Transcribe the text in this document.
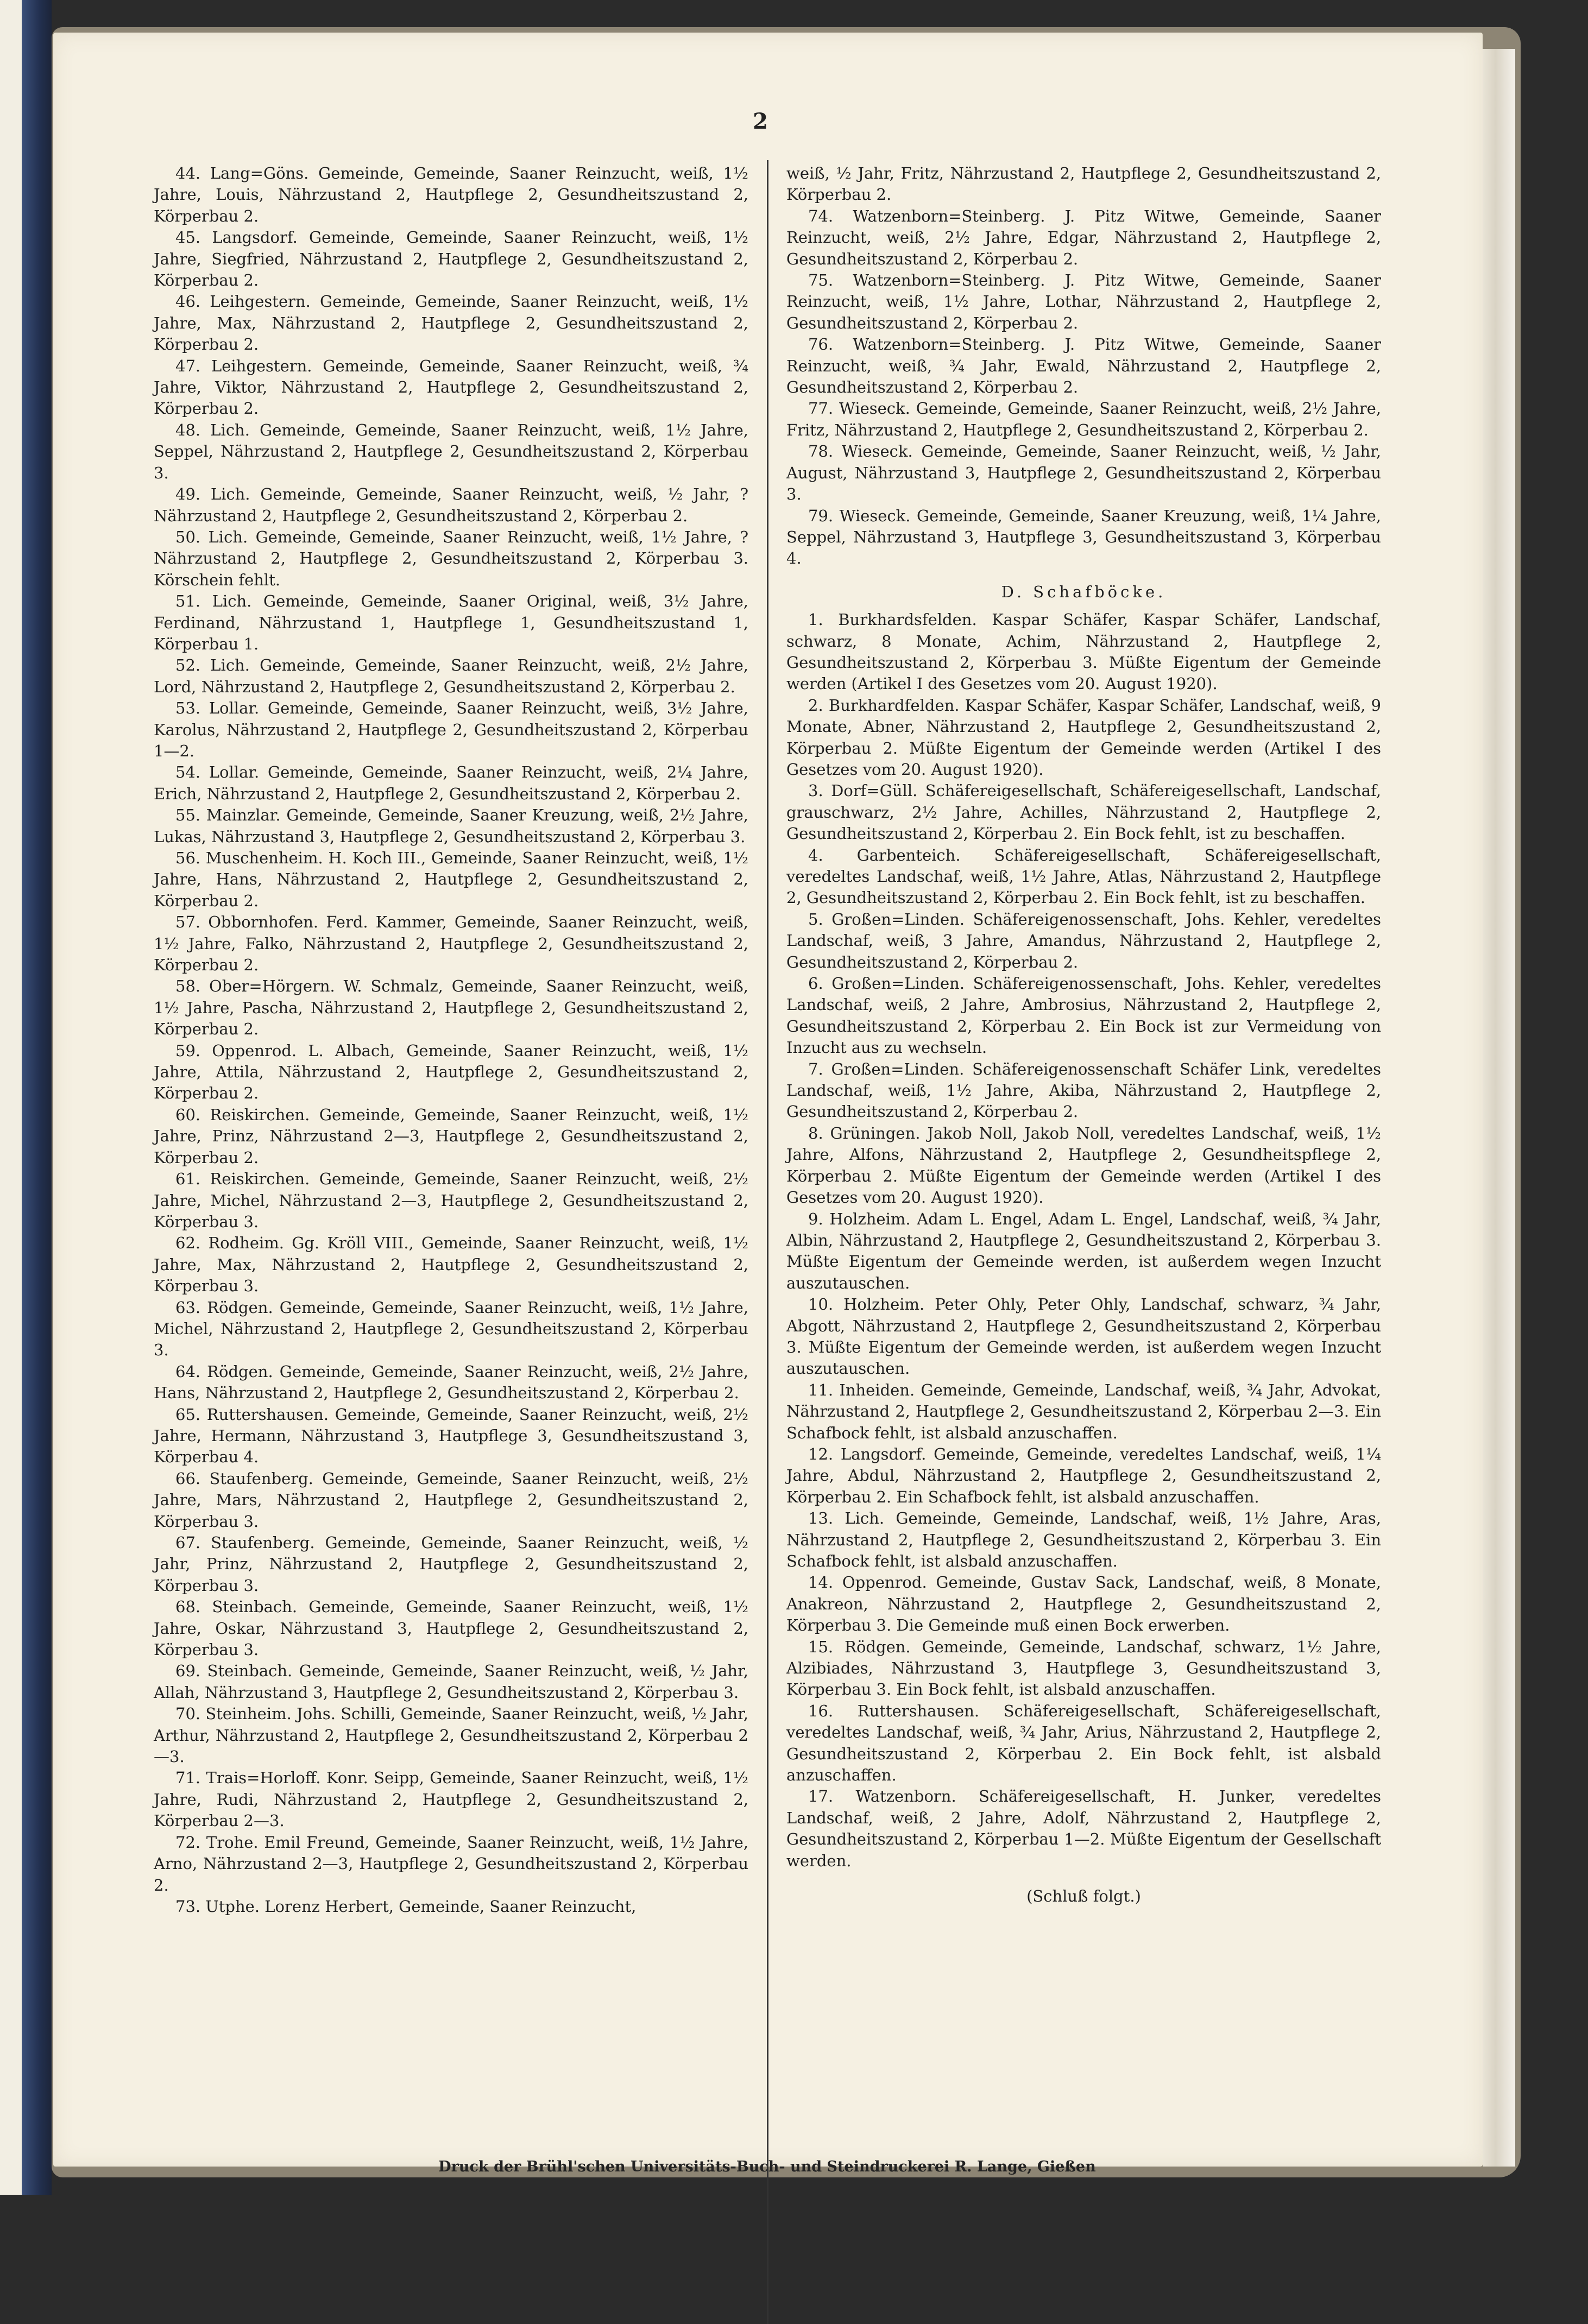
2

44. Lang=Göns. Gemeinde, Gemeinde, Saaner Reinzucht, weiß, 1½ Jahre, Louis, Nährzustand 2, Hautpflege 2, Gesundheitszustand 2, Körperbau 2.

45. Langsdorf. Gemeinde, Gemeinde, Saaner Reinzucht, weiß, 1½ Jahre, Siegfried, Nährzustand 2, Hautpflege 2, Gesundheitszustand 2, Körperbau 2.

46. Leihgestern. Gemeinde, Gemeinde, Saaner Reinzucht, weiß, 1½ Jahre, Max, Nährzustand 2, Hautpflege 2, Gesundheitszustand 2, Körperbau 2.

47. Leihgestern. Gemeinde, Gemeinde, Saaner Reinzucht, weiß, ¾ Jahre, Viktor, Nährzustand 2, Hautpflege 2, Gesundheitszustand 2, Körperbau 2.

48. Lich. Gemeinde, Gemeinde, Saaner Reinzucht, weiß, 1½ Jahre, Seppel, Nährzustand 2, Hautpflege 2, Gesundheitszustand 2, Körperbau 3.

49. Lich. Gemeinde, Gemeinde, Saaner Reinzucht, weiß, ½ Jahr, ? Nährzustand 2, Hautpflege 2, Gesundheitszustand 2, Körperbau 2.

50. Lich. Gemeinde, Gemeinde, Saaner Reinzucht, weiß, 1½ Jahre, ? Nährzustand 2, Hautpflege 2, Gesundheitszustand 2, Körperbau 3. Körschein fehlt.

51. Lich. Gemeinde, Gemeinde, Saaner Original, weiß, 3½ Jahre, Ferdinand, Nährzustand 1, Hautpflege 1, Gesundheitszustand 1, Körperbau 1.

52. Lich. Gemeinde, Gemeinde, Saaner Reinzucht, weiß, 2½ Jahre, Lord, Nährzustand 2, Hautpflege 2, Gesundheitszustand 2, Körperbau 2.

53. Lollar. Gemeinde, Gemeinde, Saaner Reinzucht, weiß, 3½ Jahre, Karolus, Nährzustand 2, Hautpflege 2, Gesundheitszustand 2, Körperbau 1—2.

54. Lollar. Gemeinde, Gemeinde, Saaner Reinzucht, weiß, 2¼ Jahre, Erich, Nährzustand 2, Hautpflege 2, Gesundheitszustand 2, Körperbau 2.

55. Mainzlar. Gemeinde, Gemeinde, Saaner Kreuzung, weiß, 2½ Jahre, Lukas, Nährzustand 3, Hautpflege 2, Gesundheitszustand 2, Körperbau 3.

56. Muschenheim. H. Koch III., Gemeinde, Saaner Reinzucht, weiß, 1½ Jahre, Hans, Nährzustand 2, Hautpflege 2, Gesundheitszustand 2, Körperbau 2.

57. Obbornhofen. Ferd. Kammer, Gemeinde, Saaner Reinzucht, weiß, 1½ Jahre, Falko, Nährzustand 2, Hautpflege 2, Gesundheitszustand 2, Körperbau 2.

58. Ober=Hörgern. W. Schmalz, Gemeinde, Saaner Reinzucht, weiß, 1½ Jahre, Pascha, Nährzustand 2, Hautpflege 2, Gesundheitszustand 2, Körperbau 2.

59. Oppenrod. L. Albach, Gemeinde, Saaner Reinzucht, weiß, 1½ Jahre, Attila, Nährzustand 2, Hautpflege 2, Gesundheitszustand 2, Körperbau 2.

60. Reiskirchen. Gemeinde, Gemeinde, Saaner Reinzucht, weiß, 1½ Jahre, Prinz, Nährzustand 2—3, Hautpflege 2, Gesundheitszustand 2, Körperbau 2.

61. Reiskirchen. Gemeinde, Gemeinde, Saaner Reinzucht, weiß, 2½ Jahre, Michel, Nährzustand 2—3, Hautpflege 2, Gesundheitszustand 2, Körperbau 3.

62. Rodheim. Gg. Kröll VIII., Gemeinde, Saaner Reinzucht, weiß, 1½ Jahre, Max, Nährzustand 2, Hautpflege 2, Gesundheitszustand 2, Körperbau 3.

63. Rödgen. Gemeinde, Gemeinde, Saaner Reinzucht, weiß, 1½ Jahre, Michel, Nährzustand 2, Hautpflege 2, Gesundheitszustand 2, Körperbau 3.

64. Rödgen. Gemeinde, Gemeinde, Saaner Reinzucht, weiß, 2½ Jahre, Hans, Nährzustand 2, Hautpflege 2, Gesundheitszustand 2, Körperbau 2.

65. Ruttershausen. Gemeinde, Gemeinde, Saaner Reinzucht, weiß, 2½ Jahre, Hermann, Nährzustand 3, Hautpflege 3, Gesundheitszustand 3, Körperbau 4.

66. Staufenberg. Gemeinde, Gemeinde, Saaner Reinzucht, weiß, 2½ Jahre, Mars, Nährzustand 2, Hautpflege 2, Gesundheitszustand 2, Körperbau 3.

67. Staufenberg. Gemeinde, Gemeinde, Saaner Reinzucht, weiß, ½ Jahr, Prinz, Nährzustand 2, Hautpflege 2, Gesundheitszustand 2, Körperbau 3.

68. Steinbach. Gemeinde, Gemeinde, Saaner Reinzucht, weiß, 1½ Jahre, Oskar, Nährzustand 3, Hautpflege 2, Gesundheitszustand 2, Körperbau 3.

69. Steinbach. Gemeinde, Gemeinde, Saaner Reinzucht, weiß, ½ Jahr, Allah, Nährzustand 3, Hautpflege 2, Gesundheitszustand 2, Körperbau 3.

70. Steinheim. Johs. Schilli, Gemeinde, Saaner Reinzucht, weiß, ½ Jahr, Arthur, Nährzustand 2, Hautpflege 2, Gesundheitszustand 2, Körperbau 2—3.

71. Trais=Horloff. Konr. Seipp, Gemeinde, Saaner Reinzucht, weiß, 1½ Jahre, Rudi, Nährzustand 2, Hautpflege 2, Gesundheitszustand 2, Körperbau 2—3.

72. Trohe. Emil Freund, Gemeinde, Saaner Reinzucht, weiß, 1½ Jahre, Arno, Nährzustand 2—3, Hautpflege 2, Gesundheitszustand 2, Körperbau 2.

73. Utphe. Lorenz Herbert, Gemeinde, Saaner Reinzucht,

weiß, ½ Jahr, Fritz, Nährzustand 2, Hautpflege 2, Gesundheitszustand 2, Körperbau 2.

74. Watzenborn=Steinberg. J. Pitz Witwe, Gemeinde, Saaner Reinzucht, weiß, 2½ Jahre, Edgar, Nährzustand 2, Hautpflege 2, Gesundheitszustand 2, Körperbau 2.

75. Watzenborn=Steinberg. J. Pitz Witwe, Gemeinde, Saaner Reinzucht, weiß, 1½ Jahre, Lothar, Nährzustand 2, Hautpflege 2, Gesundheitszustand 2, Körperbau 2.

76. Watzenborn=Steinberg. J. Pitz Witwe, Gemeinde, Saaner Reinzucht, weiß, ¾ Jahr, Ewald, Nährzustand 2, Hautpflege 2, Gesundheitszustand 2, Körperbau 2.

77. Wieseck. Gemeinde, Gemeinde, Saaner Reinzucht, weiß, 2½ Jahre, Fritz, Nährzustand 2, Hautpflege 2, Gesundheitszustand 2, Körperbau 2.

78. Wieseck. Gemeinde, Gemeinde, Saaner Reinzucht, weiß, ½ Jahr, August, Nährzustand 3, Hautpflege 2, Gesundheitszustand 2, Körperbau 3.

79. Wieseck. Gemeinde, Gemeinde, Saaner Kreuzung, weiß, 1¼ Jahre, Seppel, Nährzustand 3, Hautpflege 3, Gesundheitszustand 3, Körperbau 4.

D. Schafböcke.

1. Burkhardsfelden. Kaspar Schäfer, Kaspar Schäfer, Landschaf, schwarz, 8 Monate, Achim, Nährzustand 2, Hautpflege 2, Gesundheitszustand 2, Körperbau 3. Müßte Eigentum der Gemeinde werden (Artikel I des Gesetzes vom 20. August 1920).

2. Burkhardfelden. Kaspar Schäfer, Kaspar Schäfer, Landschaf, weiß, 9 Monate, Abner, Nährzustand 2, Hautpflege 2, Gesundheitszustand 2, Körperbau 2. Müßte Eigentum der Gemeinde werden (Artikel I des Gesetzes vom 20. August 1920).

3. Dorf=Güll. Schäfereigesellschaft, Schäfereigesellschaft, Landschaf, grauschwarz, 2½ Jahre, Achilles, Nährzustand 2, Hautpflege 2, Gesundheitszustand 2, Körperbau 2. Ein Bock fehlt, ist zu beschaffen.

4. Garbenteich. Schäfereigesellschaft, Schäfereigesellschaft, veredeltes Landschaf, weiß, 1½ Jahre, Atlas, Nährzustand 2, Hautpflege 2, Gesundheitszustand 2, Körperbau 2. Ein Bock fehlt, ist zu beschaffen.

5. Großen=Linden. Schäfereigenossenschaft, Johs. Kehler, veredeltes Landschaf, weiß, 3 Jahre, Amandus, Nährzustand 2, Hautpflege 2, Gesundheitszustand 2, Körperbau 2.

6. Großen=Linden. Schäfereigenossenschaft, Johs. Kehler, veredeltes Landschaf, weiß, 2 Jahre, Ambrosius, Nährzustand 2, Hautpflege 2, Gesundheitszustand 2, Körperbau 2. Ein Bock ist zur Vermeidung von Inzucht aus zu wechseln.

7. Großen=Linden. Schäfereigenossenschaft Schäfer Link, veredeltes Landschaf, weiß, 1½ Jahre, Akiba, Nährzustand 2, Hautpflege 2, Gesundheitszustand 2, Körperbau 2.

8. Grüningen. Jakob Noll, Jakob Noll, veredeltes Landschaf, weiß, 1½ Jahre, Alfons, Nährzustand 2, Hautpflege 2, Gesundheitspflege 2, Körperbau 2. Müßte Eigentum der Gemeinde werden (Artikel I des Gesetzes vom 20. August 1920).

9. Holzheim. Adam L. Engel, Adam L. Engel, Landschaf, weiß, ¾ Jahr, Albin, Nährzustand 2, Hautpflege 2, Gesundheitszustand 2, Körperbau 3. Müßte Eigentum der Gemeinde werden, ist außerdem wegen Inzucht auszutauschen.

10. Holzheim. Peter Ohly, Peter Ohly, Landschaf, schwarz, ¾ Jahr, Abgott, Nährzustand 2, Hautpflege 2, Gesundheitszustand 2, Körperbau 3. Müßte Eigentum der Gemeinde werden, ist außerdem wegen Inzucht auszutauschen.

11. Inheiden. Gemeinde, Gemeinde, Landschaf, weiß, ¾ Jahr, Advokat, Nährzustand 2, Hautpflege 2, Gesundheitszustand 2, Körperbau 2—3. Ein Schafbock fehlt, ist alsbald anzuschaffen.

12. Langsdorf. Gemeinde, Gemeinde, veredeltes Landschaf, weiß, 1¼ Jahre, Abdul, Nährzustand 2, Hautpflege 2, Gesundheitszustand 2, Körperbau 2. Ein Schafbock fehlt, ist alsbald anzuschaffen.

13. Lich. Gemeinde, Gemeinde, Landschaf, weiß, 1½ Jahre, Aras, Nährzustand 2, Hautpflege 2, Gesundheitszustand 2, Körperbau 3. Ein Schafbock fehlt, ist alsbald anzuschaffen.

14. Oppenrod. Gemeinde, Gustav Sack, Landschaf, weiß, 8 Monate, Anakreon, Nährzustand 2, Hautpflege 2, Gesundheitszustand 2, Körperbau 3. Die Gemeinde muß einen Bock erwerben.

15. Rödgen. Gemeinde, Gemeinde, Landschaf, schwarz, 1½ Jahre, Alzibiades, Nährzustand 3, Hautpflege 3, Gesundheitszustand 3, Körperbau 3. Ein Bock fehlt, ist alsbald anzuschaffen.

16. Ruttershausen. Schäfereigesellschaft, Schäfereigesellschaft, veredeltes Landschaf, weiß, ¾ Jahr, Arius, Nährzustand 2, Hautpflege 2, Gesundheitszustand 2, Körperbau 2. Ein Bock fehlt, ist alsbald anzuschaffen.

17. Watzenborn. Schäfereigesellschaft, H. Junker, veredeltes Landschaf, weiß, 2 Jahre, Adolf, Nährzustand 2, Hautpflege 2, Gesundheitszustand 2, Körperbau 1—2. Müßte Eigentum der Gesellschaft werden.

(Schluß folgt.)

Druck der Brühl'schen Universitäts-Buch- und Steindruckerei R. Lange, Gießen
